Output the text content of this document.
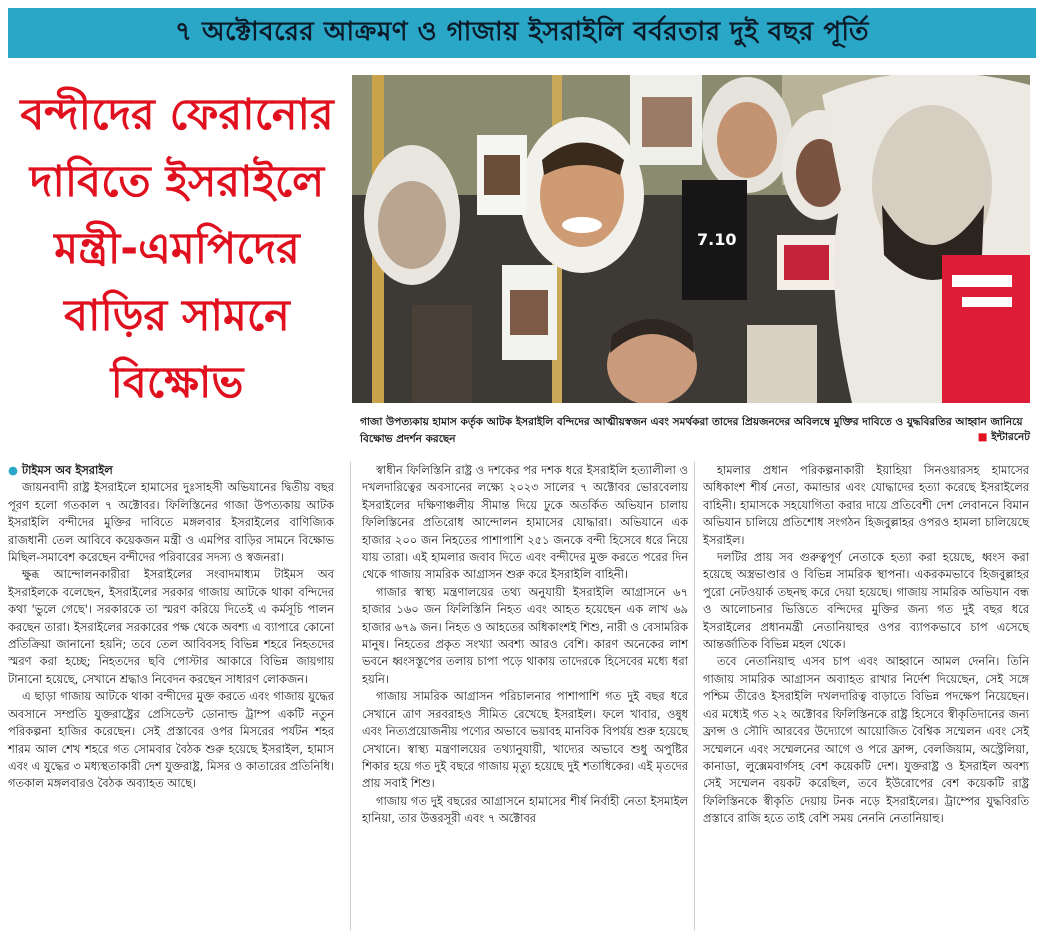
৭ অক্টোবরের আক্রমণ ও গাজায় ইসরাইলি বর্বরতার দুই বছর পূর্তি
বন্দীদের ফেরানোর দাবিতে ইসরাইলে মন্ত্রী-এমপিদের বাড়ির সামনে বিক্ষোভ
7.10
গাজা উপত্যকায় হামাস কর্তৃক আটক ইসরাইলি বন্দিদের আত্মীয়স্বজন এবং সমর্থকরা তাদের প্রিয়জনদের অবিলম্বে মুক্তির দাবিতে ও যুদ্ধবিরতির আহ্বান জানিয়ে বিক্ষোভ প্রদর্শন করছেন	■ ইন্টারনেট

● টাইমস অব ইসরাইল

জায়নবাদী রাষ্ট্র ইসরাইলে হামাসের দুঃসাহসী অভিযানের দ্বিতীয় বছর পূরণ হলো গতকাল ৭ অক্টোবর। ফিলিস্তিনের গাজা উপত্যকায় আটক ইসরাইলি বন্দীদের মুক্তির দাবিতে মঙ্গলবার ইসরাইলের বাণিজ্যিক রাজধানী তেল আবিবে কয়েকজন মন্ত্রী ও এমপির বাড়ির সামনে বিক্ষোভ মিছিল-সমাবেশ করেছেন বন্দীদের পরিবারের সদস্য ও স্বজনরা।

ক্ষুব্ধ আন্দোলনকারীরা ইসরাইলের সংবাদমাধ্যম টাইমস অব ইসরাইলকে বলেছেন, ইসরাইলের সরকার গাজায় আটকে থাকা বন্দিদের কথা 'ভুলে গেছে'। সরকারকে তা স্মরণ করিয়ে দিতেই এ কর্মসূচি পালন করছেন তারা। ইসরাইলের সরকারের পক্ষ থেকে অবশ্য এ ব্যাপারে কোনো প্রতিক্রিয়া জানানো হয়নি; তবে তেল আবিবসহ বিভিন্ন শহরে নিহতদের স্মরণ করা হচ্ছে; নিহতদের ছবি পোস্টার আকারে বিভিন্ন জায়গায় টানানো হয়েছে, সেখানে শ্রদ্ধাও নিবেদন করছেন সাধারণ লোকজন।

এ ছাড়া গাজায় আটকে থাকা বন্দীদের মুক্ত করতে এবং গাজায় যুদ্ধের অবসানে সম্প্রতি যুক্তরাষ্ট্রের প্রেসিডেন্ট ডোনাল্ড ট্রাম্প একটি নতুন পরিকল্পনা হাজির করেছেন। সেই প্রস্তাবের ওপর মিসরের পর্যটন শহর শারম আল শেখ শহরে গত সোমবার বৈঠক শুরু হয়েছে ইসরাইল, হামাস এবং এ যুদ্ধের ৩ মধ্যস্থতাকারী দেশ যুক্তরাষ্ট্র, মিসর ও কাতারের প্রতিনিধি। গতকাল মঙ্গলবারও বৈঠক অব্যাহত আছে।

স্বাধীন ফিলিস্তিনি রাষ্ট্র ও দশকের পর দশক ধরে ইসরাইলি হত্যালীলা ও দখলদারিত্বের অবসানের লক্ষ্যে ২০২৩ সালের ৭ অক্টোবর ভোরবেলায় ইসরাইলের দক্ষিণাঞ্চলীয় সীমান্ত দিয়ে ঢুকে অতর্কিত অভিযান চালায় ফিলিস্তিনের প্রতিরোধ আন্দোলন হামাসের যোদ্ধারা। অভিযানে এক হাজার ২০০ জন নিহতের পাশাপাশি ২৫১ জনকে বন্দী হিসেবে ধরে নিয়ে যায় তারা। এই হামলার জবাব দিতে এবং বন্দীদের মুক্ত করতে পরের দিন থেকে গাজায় সামরিক আগ্রাসন শুরু করে ইসরাইলি বাহিনী।

গাজার স্বাস্থ্য মন্ত্রণালয়ের তথ্য অনুযায়ী ইসরাইলি আগ্রাসনে ৬৭ হাজার ১৬০ জন ফিলিস্তিনি নিহত এবং আহত হয়েছেন এক লাখ ৬৯ হাজার ৬৭৯ জন। নিহত ও আহতের অধিকাংশই শিশু, নারী ও বেসামরিক মানুষ। নিহতের প্রকৃত সংখ্যা অবশ্য আরও বেশি। কারণ অনেকের লাশ ভবনে ধ্বংসস্তূপের তলায় চাপা পড়ে থাকায় তাদেরকে হিসেবের মধ্যে ধরা হয়নি।

গাজায় সামরিক আগ্রাসন পরিচালনার পাশাপাশি গত দুই বছর ধরে সেখানে ত্রাণ সরবরাহও সীমিত রেখেছে ইসরাইল। ফলে খাবার, ওষুধ এবং নিত্যপ্রয়োজনীয় পণ্যের অভাবে ভয়াবহ মানবিক বিপর্যয় শুরু হয়েছে সেখানে। স্বাস্থ্য মন্ত্রণালয়ের তথ্যানুযায়ী, খাদ্যের অভাবে শুধু অপুষ্টির শিকার হয়ে গত দুই বছরে গাজায় মৃত্যু হয়েছে দুই শতাধিকের। এই মৃতদের প্রায় সবাই শিশু।

গাজায় গত দুই বছরের আগ্রাসনে হামাসের শীর্ষ নির্বাহী নেতা ইসমাইল হানিয়া, তার উত্তরসূরী এবং ৭ অক্টোবর

হামলার প্রধান পরিকল্পনাকারী ইয়াহিয়া সিনওয়ারসহ হামাসের অধিকাংশ শীর্ষ নেতা, কমান্ডার এবং যোদ্ধাদের হত্যা করেছে ইসরাইলের বাহিনী। হামাসকে সহযোগিতা করার দায়ে প্রতিবেশী দেশ লেবাননে বিমান অভিযান চালিয়ে প্রতিশোধ সংগঠন হিজবুল্লাহর ওপরও হামলা চালিয়েছে ইসরাইল।

দলটির প্রায় সব গুরুত্বপূর্ণ নেতাকে হত্যা করা হয়েছে, ধ্বংস করা হয়েছে অস্ত্রভাণ্ডার ও বিভিন্ন সামরিক স্থাপনা। একরকমভাবে হিজবুল্লাহর পুরো নেটওয়ার্ক তছনছ করে দেয়া হয়েছে। গাজায় সামরিক অভিযান বন্ধ ও আলোচনার ভিত্তিতে বন্দিদের মুক্তির জন্য গত দুই বছর ধরে ইসরাইলের প্রধানমন্ত্রী নেতানিয়াহুর ওপর ব্যাপকভাবে চাপ এসেছে আন্তর্জাতিক বিভিন্ন মহল থেকে।

তবে নেতানিয়াহু এসব চাপ এবং আহ্বানে আমল দেননি। তিনি গাজায় সামরিক আগ্রাসন অব্যাহত রাখার নির্দেশ দিয়েছেন, সেই সঙ্গে পশ্চিম তীরেও ইসরাইলি দখলদারিত্ব বাড়াতে বিভিন্ন পদক্ষেপ নিয়েছেন। এর মধ্যেই গত ২২ অক্টোবর ফিলিস্তিনকে রাষ্ট্র হিসেবে স্বীকৃতিদানের জন্য ফ্রান্স ও সৌদি আরবের উদ্যোগে আয়োজিত বৈশ্বিক সম্মেলন এবং সেই সম্মেলনে এবং সম্মেলনের আগে ও পরে ফ্রান্স, বেলজিয়াম, অস্ট্রেলিয়া, কানাডা, লুক্সেমবার্গসহ বেশ কয়েকটি দেশ। যুক্তরাষ্ট্র ও ইসরাইল অবশ্য সেই সম্মেলন বয়কট করেছিল, তবে ইউরোপের বেশ কয়েকটি রাষ্ট্র ফিলিস্তিনকে স্বীকৃতি দেয়ায় টনক নড়ে ইসরাইলের। ট্রাম্পের যুদ্ধবিরতি প্রস্তাবে রাজি হতে তাই বেশি সময় নেননি নেতানিয়াহু।
